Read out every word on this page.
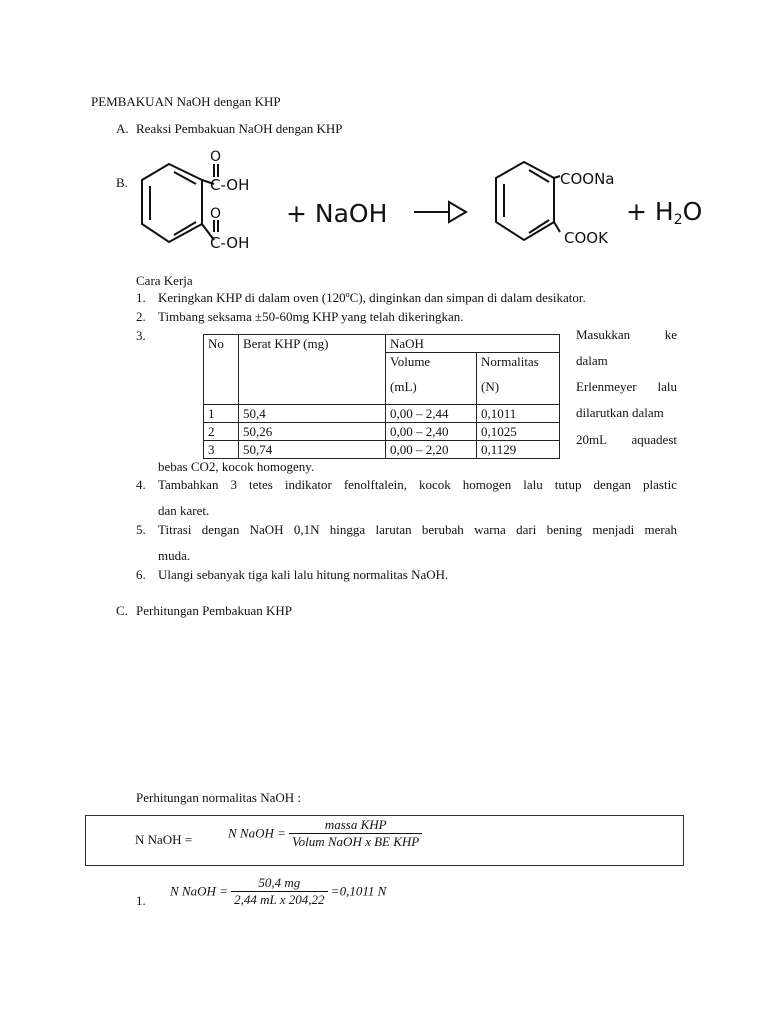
PEMBAKUAN NaOH dengan KHP
A. Reaksi Pembakuan NaOH dengan KHP
B.
O
C-OH
O
C-OH
+ NaOH
COONa
COOK
+ H2O
Cara Kerja
1. Keringkan KHP di dalam oven (120ºC), dinginkan dan simpan di dalam desikator.
2. Timbang seksama ±50-60mg KHP yang telah dikeringkan.
3.
No	Berat KHP (mg)	NaOH	
		Volume	Normalitas
		(mL)	(N)
1	50,4	0,00 – 2,44	0,1011
2	50,26	0,00 – 2,40	0,1025
3	50,74	0,00 – 2,20	0,1129
Masukkan ke
dalam
Erlenmeyer lalu
dilarutkan dalam
20mL aquadest
bebas CO2, kocok homogeny.
4. Tambahkan 3 tetes indikator fenolftalein, kocok homogen lalu tutup dengan plastic
dan karet.
5. Titrasi dengan NaOH 0,1N hingga larutan berubah warna dari bening menjadi merah
muda.
6. Ulangi sebanyak tiga kali lalu hitung normalitas NaOH.
C. Perhitungan Pembakuan KHP
Perhitungan normalitas NaOH :
N NaOH =	N NaOH = $\frac{\text{massa KHP}}{\text{Volum NaOH x BE KHP}}$
1.
N NaOH = $\frac{50,4 mg}{\text{2,44 mL x 204,22}} =0,1011$ N
